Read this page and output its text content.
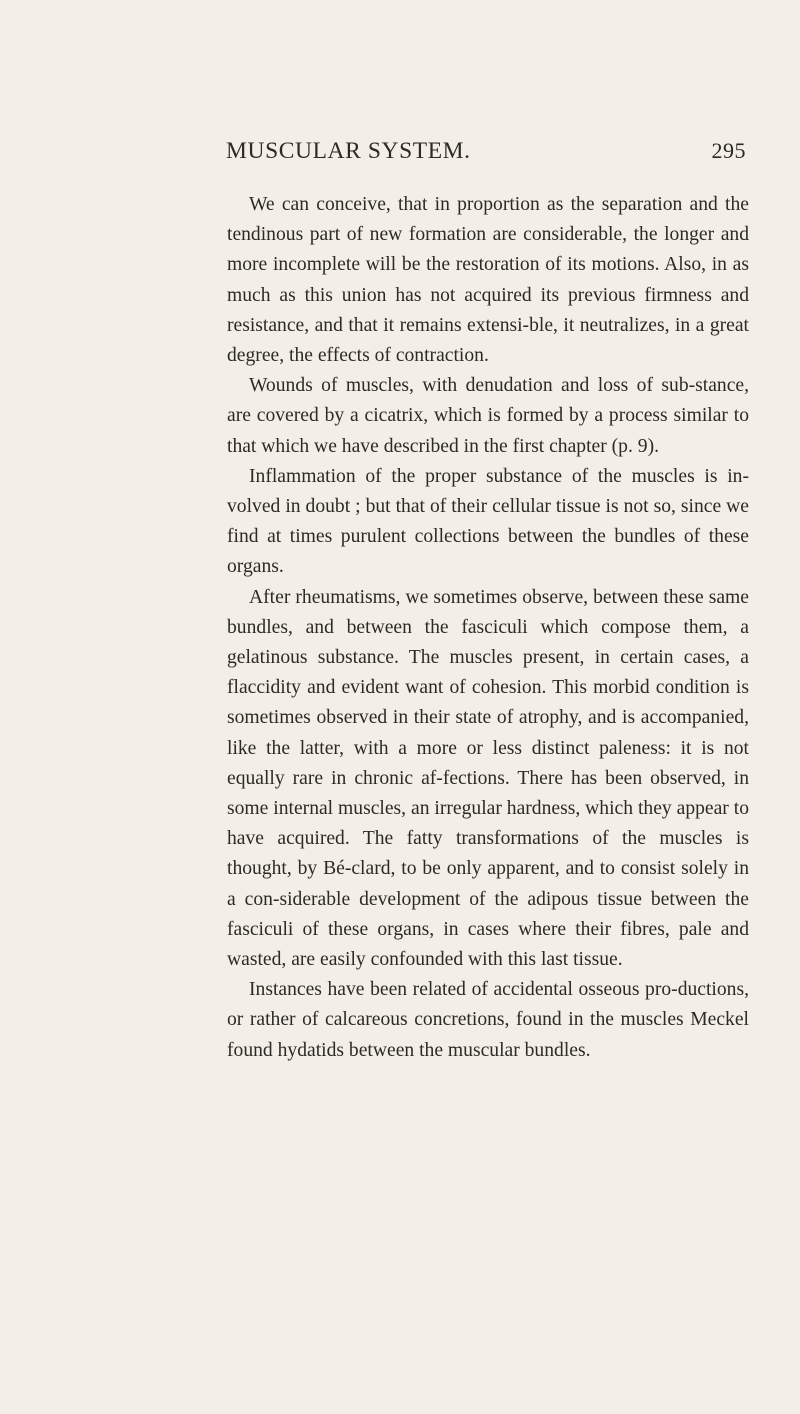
MUSCULAR SYSTEM.	295

We can conceive, that in proportion as the separation and the tendinous part of new formation are considerable, the longer and more incomplete will be the restoration of its motions. Also, in as much as this union has not acquired its previous firmness and resistance, and that it remains extensi-ble, it neutralizes, in a great degree, the effects of contraction.

Wounds of muscles, with denudation and loss of sub-stance, are covered by a cicatrix, which is formed by a process similar to that which we have described in the first chapter (p. 9).

Inflammation of the proper substance of the muscles is in-volved in doubt ; but that of their cellular tissue is not so, since we find at times purulent collections between the bundles of these organs.

After rheumatisms, we sometimes observe, between these same bundles, and between the fasciculi which compose them, a gelatinous substance. The muscles present, in certain cases, a flaccidity and evident want of cohesion. This morbid condition is sometimes observed in their state of atrophy, and is accompanied, like the latter, with a more or less distinct paleness: it is not equally rare in chronic af-fections. There has been observed, in some internal muscles, an irregular hardness, which they appear to have acquired. The fatty transformations of the muscles is thought, by Bé-clard, to be only apparent, and to consist solely in a con-siderable development of the adipous tissue between the fasciculi of these organs, in cases where their fibres, pale and wasted, are easily confounded with this last tissue.

Instances have been related of accidental osseous pro-ductions, or rather of calcareous concretions, found in the muscles Meckel found hydatids between the muscular bundles.
